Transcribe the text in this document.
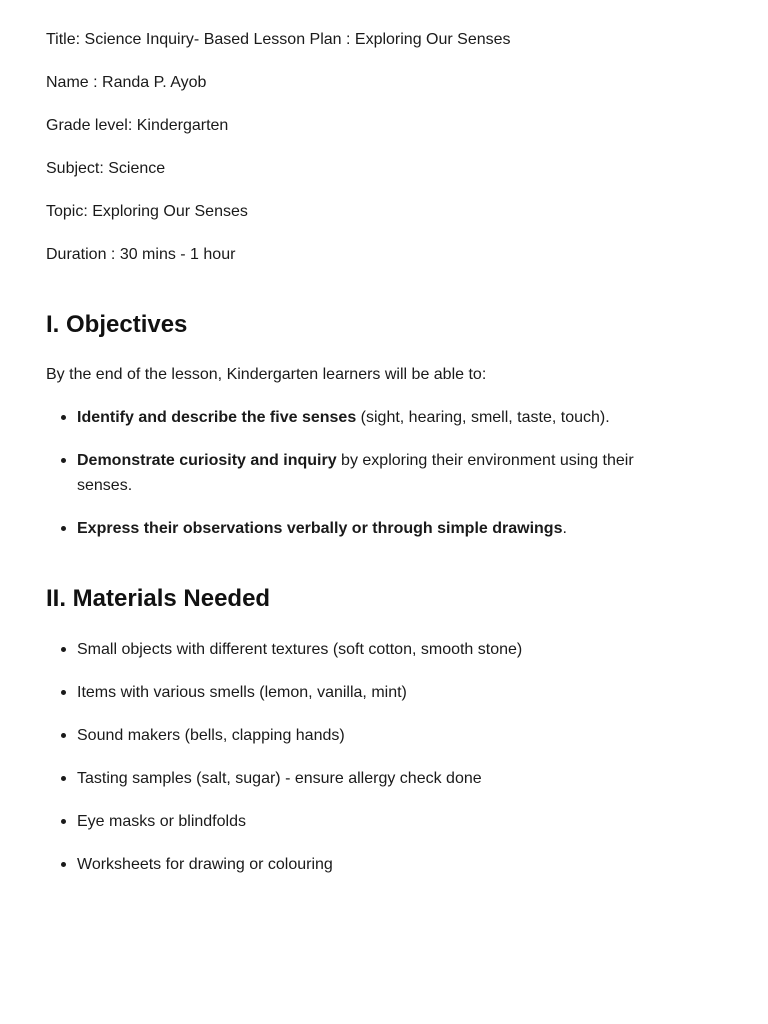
Title: Science Inquiry- Based Lesson Plan : Exploring Our Senses

Name : Randa P. Ayob

Grade level: Kindergarten

Subject: Science

Topic: Exploring Our Senses

Duration : 30 mins - 1 hour

I. Objectives

By the end of the lesson, Kindergarten learners will be able to:

Identify and describe the five senses (sight, hearing, smell, taste, touch).
Demonstrate curiosity and inquiry by exploring their environment using their senses.
Express their observations verbally or through simple drawings.
II. Materials Needed
Small objects with different textures (soft cotton, smooth stone)
Items with various smells (lemon, vanilla, mint)
Sound makers (bells, clapping hands)
Tasting samples (salt, sugar) - ensure allergy check done
Eye masks or blindfolds
Worksheets for drawing or colouring
